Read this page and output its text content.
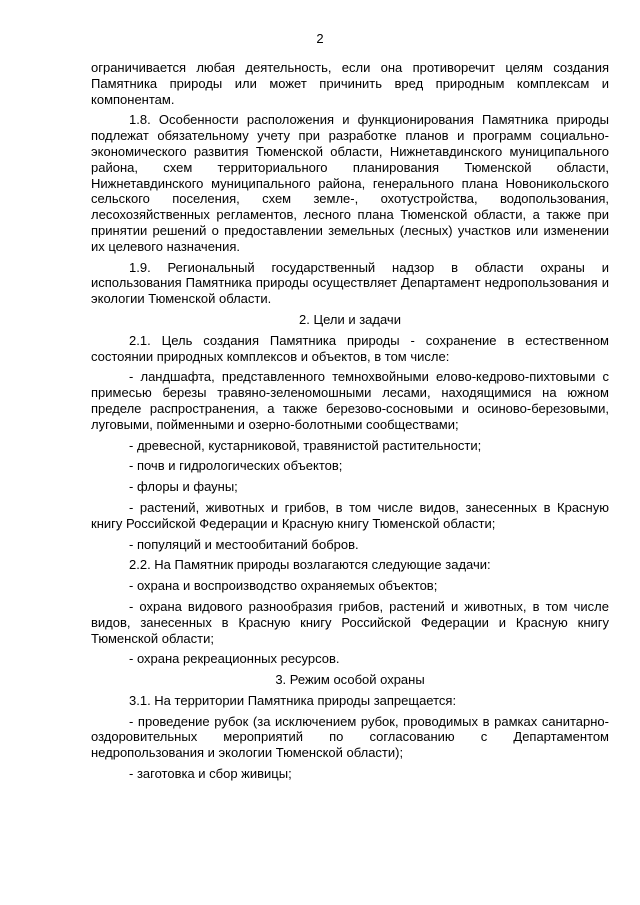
2

ограничивается любая деятельность, если она противоречит целям создания Памятника природы или может причинить вред природным комплексам и компонентам.

1.8. Особенности расположения и функционирования Памятника природы подлежат обязательному учету при разработке планов и программ социально-экономического развития Тюменской области, Нижнетавдинского муниципального района, схем территориального планирования Тюменской области, Нижнетавдинского муниципального района, генерального плана Новоникольского сельского поселения, схем земле-, охотустройства, водопользования, лесохозяйственных регламентов, лесного плана Тюменской области, а также при принятии решений о предоставлении земельных (лесных) участков или изменении их целевого назначения.

1.9. Региональный государственный надзор в области охраны и использования Памятника природы осуществляет Департамент недропользования и экологии Тюменской области.

2. Цели и задачи

2.1. Цель создания Памятника природы - сохранение в естественном состоянии природных комплексов и объектов, в том числе:

- ландшафта, представленного темнохвойными елово-кедрово-пихтовыми с примесью березы травяно-зеленомошными лесами, находящимися на южном пределе распространения, а также березово-сосновыми и осиново-березовыми, луговыми, пойменными и озерно-болотными сообществами;

- древесной, кустарниковой, травянистой растительности;

- почв и гидрологических объектов;

- флоры и фауны;

- растений, животных и грибов, в том числе видов, занесенных в Красную книгу Российской Федерации и Красную книгу Тюменской области;

- популяций и местообитаний бобров.

2.2. На Памятник природы возлагаются следующие задачи:

- охрана и воспроизводство охраняемых объектов;

- охрана видового разнообразия грибов, растений и животных, в том числе видов, занесенных в Красную книгу Российской Федерации и Красную книгу Тюменской области;

- охрана рекреационных ресурсов.

3. Режим особой охраны

3.1. На территории Памятника природы запрещается:

- проведение рубок (за исключением рубок, проводимых в рамках санитарно-оздоровительных мероприятий по согласованию с Департаментом недропользования и экологии Тюменской области);

- заготовка и сбор живицы;
